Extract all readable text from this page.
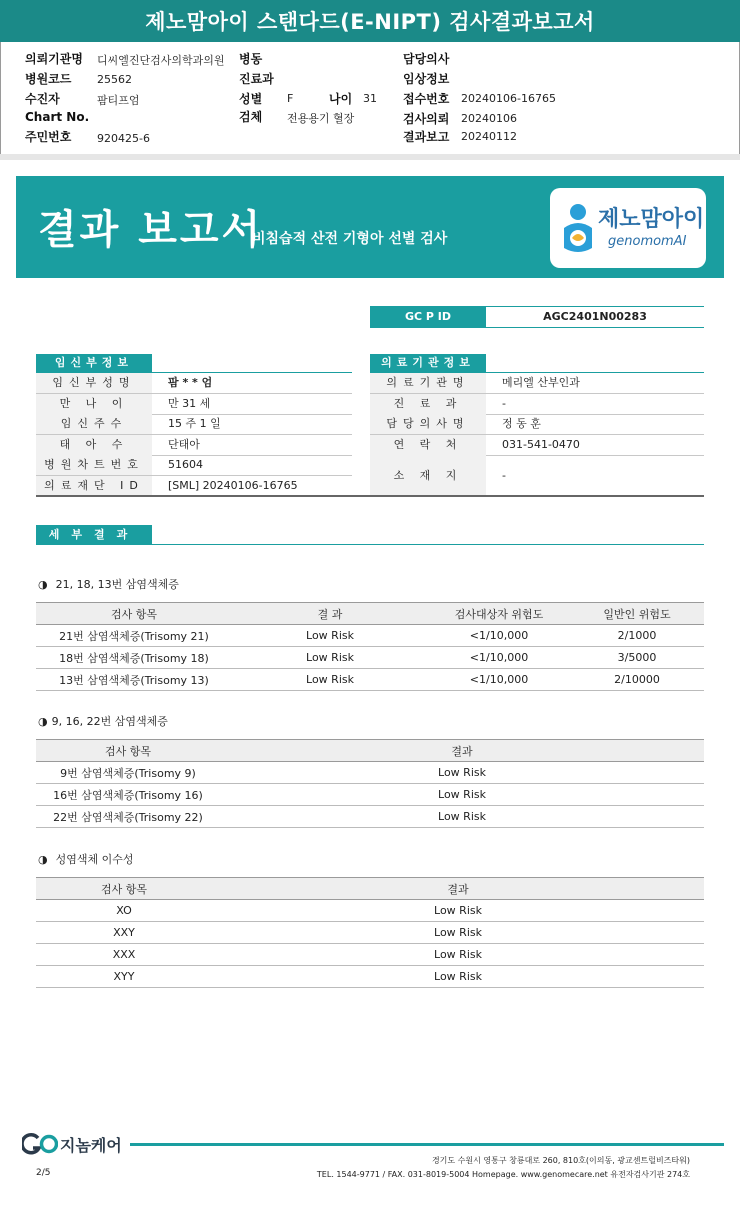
제노맘아이 스탠다드(E-NIPT) 검사결과보고서
의뢰기관명 디씨엘진단검사의학과의원 병동	담당의사
병원코드 25562	진료과	임상정보
수진자	팜티프엄	성별 F	나이 31 접수번호 20240106-16765
Chart No.	검체 전용용기 혈장	검사의뢰 20240106
주민번호 920425-6	결과보고 20240112
결과 보고서
비침습적 산전 기형아 선별 검사
제노맘아이
genomomAI
GC P ID	AGC2401N00283
임신부정보
임신부성명	팜 * * 엄
만 나 이	만 31 세
임신주수	15 주 1 일
태 아 수	단태아
병원차트번호	51604
의료재단 ID	[SML] 20240106-16765
의료기관정보
의료기관명	메리엘 산부인과
진 료 과	-
담당의사명	정 동 훈
연 락 처	031-541-0470
소 재 지	-
세부결과
◑ 21, 18, 13번 삼염색체증
검사 항목	결 과	검사대상자 위험도	일반인 위험도
21번 삼염색체증(Trisomy 21)	Low Risk	<1/10,000	2/1000
18번 삼염색체증(Trisomy 18)	Low Risk	<1/10,000	3/5000
13번 삼염색체증(Trisomy 13)	Low Risk	<1/10,000	2/10000
◑ 9, 16, 22번 삼염색체증
검사 항목	결과
9번 삼염색체증(Trisomy 9)	Low Risk
16번 삼염색체증(Trisomy 16)	Low Risk
22번 삼염색체증(Trisomy 22)	Low Risk
◑ 성염색체 이수성
검사 항목	결과
XO	Low Risk
XXY	Low Risk
XXX	Low Risk
XYY	Low Risk
지놈케어
2/5
경기도 수원시 영통구 창룡대로 260, 810호(이의동, 광교센트럴비즈타워)
TEL. 1544-9771 / FAX. 031-8019-5004 Homepage. www.genomecare.net 유전자검사기관 274호
